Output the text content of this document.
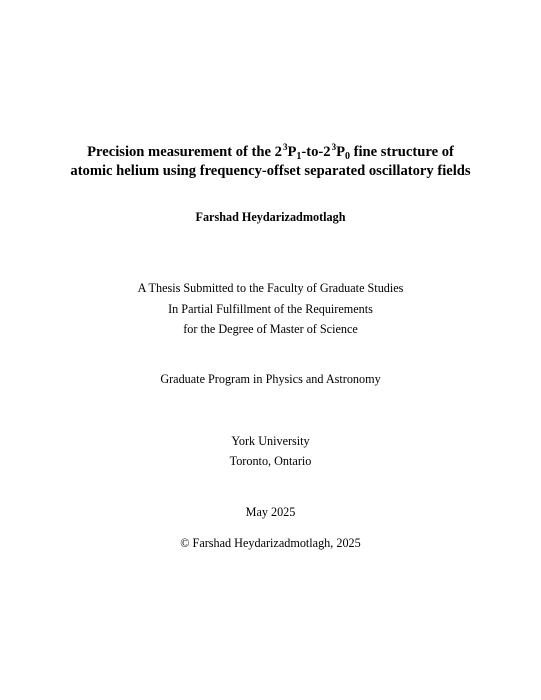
Precision measurement of the $2^3P_1-to-2^3P_0$ fine structure of
atomic helium using frequency-offset separated oscillatory fields
Farshad Heydarizadmotlagh
A Thesis Submitted to the Faculty of Graduate Studies
In Partial Fulfillment of the Requirements
for the Degree of Master of Science
Graduate Program in Physics and Astronomy
York University
Toronto, Ontario
May 2025
© Farshad Heydarizadmotlagh, 2025
